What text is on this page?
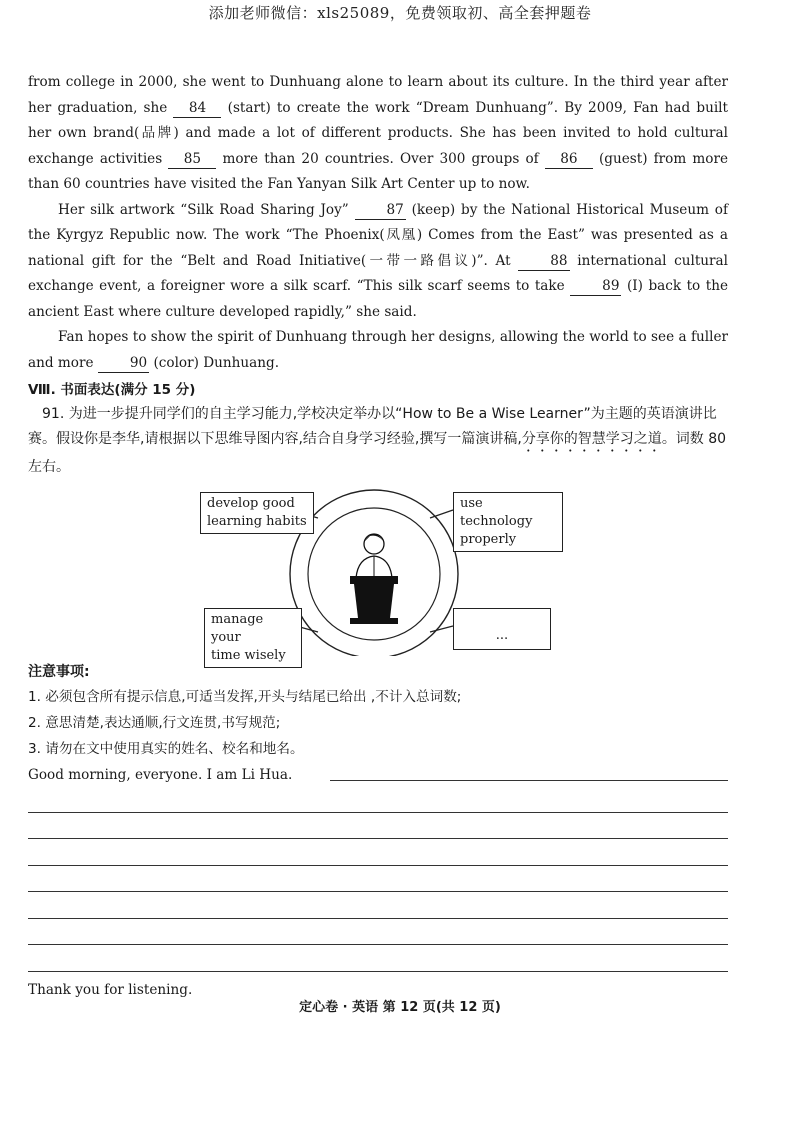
添加老师微信：xls25089，免费领取初、高全套押题卷

from college in 2000, she went to Dunhuang alone to learn about its culture. In the third year after her graduation, she 84 (start) to create the work “Dream Dunhuang”. By 2009, Fan had built her own brand(品牌) and made a lot of different products. She has been invited to hold cultural exchange activities 85 more than 20 countries. Over 300 groups of 86 (guest) from more than 60 countries have visited the Fan Yanyan Silk Art Center up to now.

Her silk artwork “Silk Road Sharing Joy” 87 (keep) by the National Historical Museum of the Kyrgyz Republic now. The work “The Phoenix(凤凰) Comes from the East” was presented as a national gift for the “Belt and Road Initiative(一带一路倡议)”. At 88 international cultural exchange event, a foreigner wore a silk scarf. “This silk scarf seems to take 89 (I) back to the ancient East where culture developed rapidly,” she said.

Fan hopes to show the spirit of Dunhuang through her designs, allowing the world to see a fuller and more 90 (color) Dunhuang.

Ⅷ. 书面表达(满分 15 分)
91. 为进一步提升同学们的自主学习能力,学校决定举办以“How to Be a Wise Learner”为主题的英语演讲比赛。假设你是李华,请根据以下思维导图内容,结合自身学习经验,撰写一篇演讲稿,分享你的智慧学习之道。词数 80 左右。
develop good
learning habits
use technology
properly
manage your
time wisely
...
注意事项:
1. 必须包含所有提示信息,可适当发挥,开头与结尾已给出 ,不计入总词数;
2. 意思清楚,表达通顺,行文连贯,书写规范;
3. 请勿在文中使用真实的姓名、校名和地名。
Good morning, everyone. I am Li Hua.
Thank you for listening.
定心卷 · 英语 第 12 页(共 12 页)
